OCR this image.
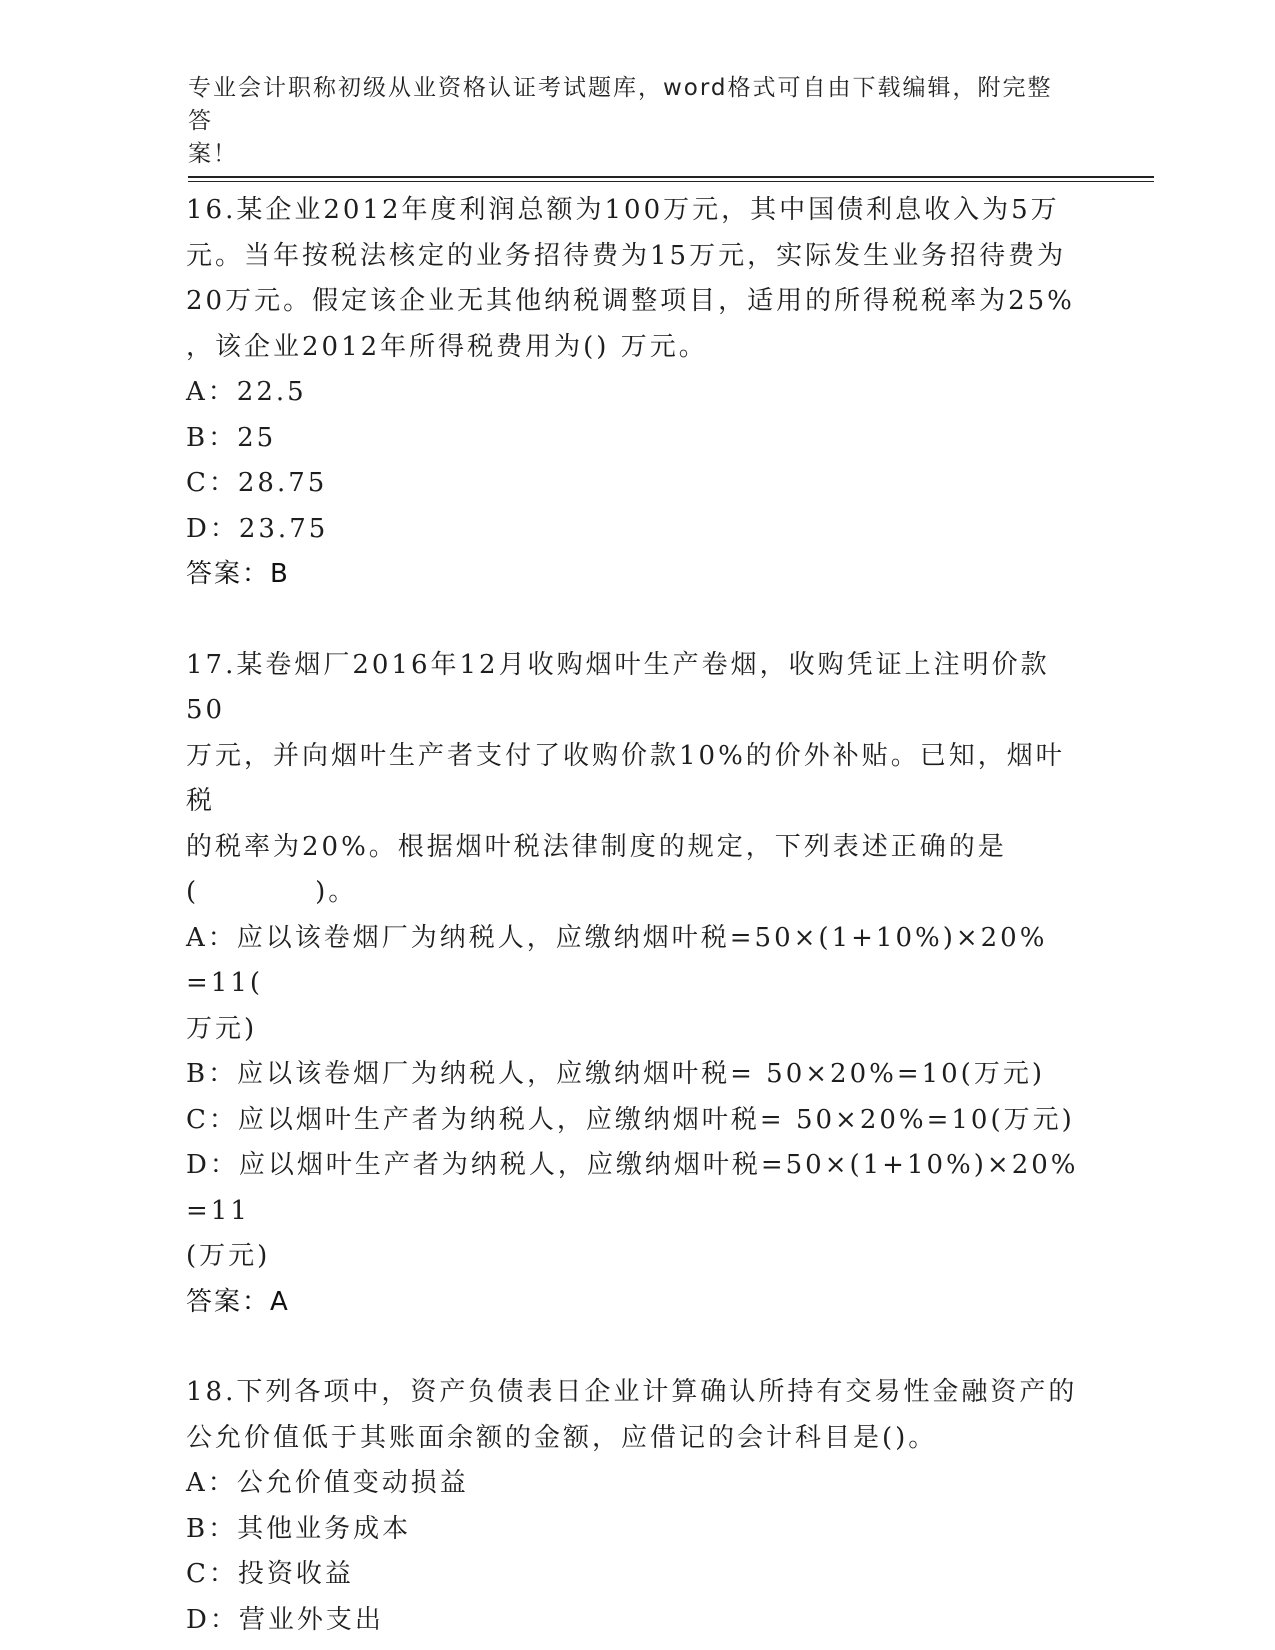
专业会计职称初级从业资格认证考试题库，word格式可自由下载编辑，附完整答
案！
16.某企业2012年度利润总额为100万元，其中国债利息收入为5万
元。当年按税法核定的业务招待费为15万元，实际发生业务招待费为
20万元。假定该企业无其他纳税调整项目，适用的所得税税率为25%
，该企业2012年所得税费用为() 万元。
A：22.5
B：25
C：28.75
D：23.75
答案：B
17.某卷烟厂2016年12月收购烟叶生产卷烟，收购凭证上注明价款50
万元，并向烟叶生产者支付了收购价款10%的价外补贴。已知，烟叶税
的税率为20%。根据烟叶税法律制度的规定，下列表述正确的是
(　　　　)。
A：应以该卷烟厂为纳税人，应缴纳烟叶税=50×(1+10%)×20% =11(
万元)
B：应以该卷烟厂为纳税人，应缴纳烟叶税= 50×20%=10(万元)
C：应以烟叶生产者为纳税人，应缴纳烟叶税= 50×20%=10(万元)
D：应以烟叶生产者为纳税人，应缴纳烟叶税=50×(1+10%)×20% =11
(万元)
答案：A
18.下列各项中，资产负债表日企业计算确认所持有交易性金融资产的
公允价值低于其账面余额的金额，应借记的会计科目是()。
A：公允价值变动损益
B：其他业务成本
C：投资收益
D：营业外支出
